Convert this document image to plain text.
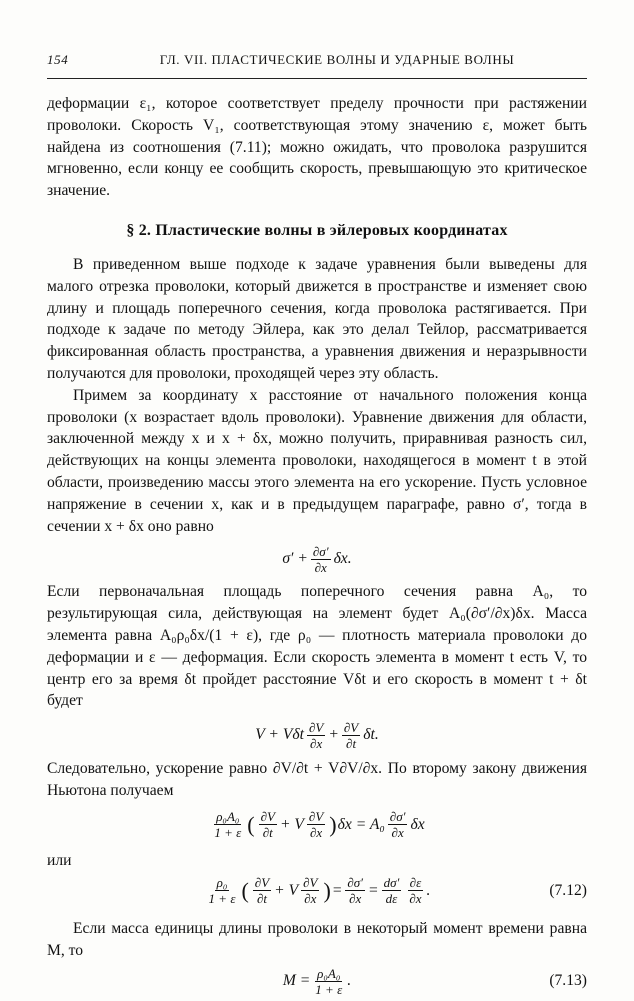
154	ГЛ. VII. ПЛАСТИЧЕСКИЕ ВОЛНЫ И УДАРНЫЕ ВОЛНЫ

деформации ε₁, которое соответствует пределу прочности при растяжении проволоки. Скорость V₁, соответствующая этому значению ε, может быть найдена из соотношения (7.11); можно ожидать, что проволока разрушится мгновенно, если концу ее сообщить скорость, превышающую это критическое значение.

§ 2. Пластические волны в эйлеровых координатах

В приведенном выше подходе к задаче уравнения были выведены для малого отрезка проволоки, который движется в пространстве и изменяет свою длину и площадь поперечного сечения, когда проволока растягивается. При подходе к задаче по методу Эйлера, как это делал Тейлор, рассматривается фиксированная область пространства, а уравнения движения и неразрывности получаются для проволоки, проходящей через эту область.

Примем за координату x расстояние от начального положения конца проволоки (x возрастает вдоль проволоки). Уравнение движения для области, заключенной между x и x + δx, можно получить, приравнивая разность сил, действующих на концы элемента проволоки, находящегося в момент t в этой области, произведению массы этого элемента на его ускорение. Пусть условное напряжение в сечении x, как и в предыдущем параграфе, равно σ′, тогда в сечении x + δx оно равно

$\sigma' + \frac{\partial\sigma'}{\partial x} \delta x$.

Если первоначальная площадь поперечного сечения равна A₀, то результирующая сила, действующая на элемент будет A₀(∂σ′/∂x)δx. Масса элемента равна A₀ρ₀δx/(1 + ε), где ρ₀ — плотность материала проволоки до деформации и ε — деформация. Если скорость элемента в момент t есть V, то центр его за время δt пройдет расстояние Vδt и его скорость в момент t + δt будет

V + Vδt $\frac{\partial V}{\partial x} + \frac{\partial V}{\partial t} \delta t$.

Следовательно, ускорение равно ∂V/∂t + V∂V/∂x. По второму закону движения Ньютона получаем

$\frac{\text{ρ₀A₀}}{1 + \varepsilon}$ ( $\frac{\partial V}{\partial t} + V \frac{\partial V}{\partial x}$ ) $\delta x = A_0 \frac{\partial\sigma'}{\partial x}$ δx
или
$\frac{\text{ρ₀}}{1 + \varepsilon}$ ( $\frac{\partial V}{\partial t} + V \frac{\partial V}{\partial x}$ ) = $\frac{\partial\sigma'}{\partial x} = \frac{d\sigma'}{d\varepsilon} \frac{\partial\varepsilon}{\partial x}$ .	(7.12)

Если масса единицы длины проволоки в некоторый момент времени равна M, то

$M = \frac{\text{ρ₀A₀}}{1 + \varepsilon}$ .	(7.13)
